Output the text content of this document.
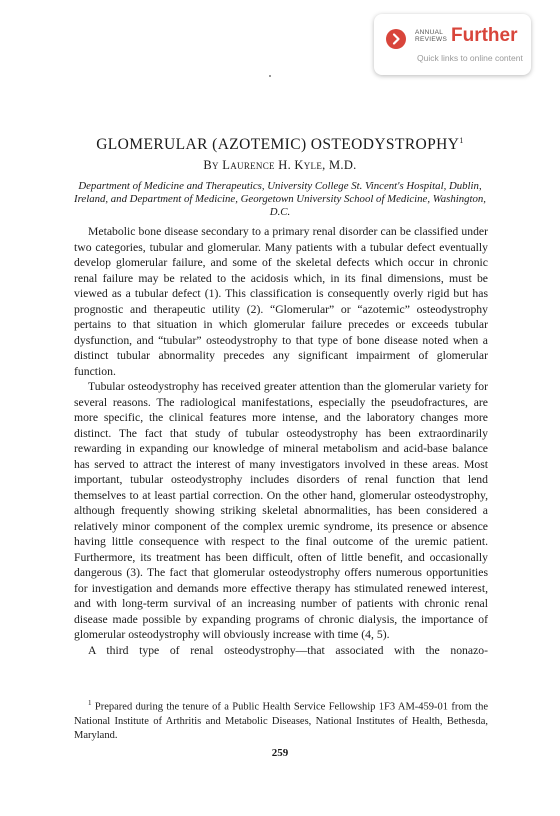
ANNUAL
REVIEWS Further
Quick links to online content
GLOMERULAR (AZOTEMIC) OSTEODYSTROPHY$^1$
By Laurence H. Kyle, M.D.
Department of Medicine and Therapeutics, University College St. Vincent's Hospital, Dublin, Ireland, and Department of Medicine, Georgetown University School of Medicine, Washington, D.C.

Metabolic bone disease secondary to a primary renal disorder can be classified under two categories, tubular and glomerular. Many patients with a tubular defect eventually develop glomerular failure, and some of the skeletal defects which occur in chronic renal failure may be related to the acidosis which, in its final dimensions, must be viewed as a tubular defect (1). This classification is consequently overly rigid but has prognostic and therapeutic utility (2). “Glomerular” or “azotemic” osteodystrophy pertains to that situation in which glomerular failure precedes or exceeds tubular dysfunction, and “tubular” osteodystrophy to that type of bone disease noted when a distinct tubular abnormality precedes any significant impairment of glomerular function.

Tubular osteodystrophy has received greater attention than the glomerular variety for several reasons. The radiological manifestations, especially the pseudofractures, are more specific, the clinical features more intense, and the laboratory changes more distinct. The fact that study of tubular osteodystrophy has been extraordinarily rewarding in expanding our knowledge of mineral metabolism and acid-base balance has served to attract the interest of many investigators involved in these areas. Most important, tubular osteodystrophy includes disorders of renal function that lend themselves to at least partial correction. On the other hand, glomerular osteodystrophy, although frequently showing striking skeletal abnormalities, has been considered a relatively minor component of the complex uremic syndrome, its presence or absence having little consequence with respect to the final outcome of the uremic patient. Furthermore, its treatment has been difficult, often of little benefit, and occasionally dangerous (3). The fact that glomerular osteodystrophy offers numerous opportunities for investigation and demands more effective therapy has stimulated renewed interest, and with long-term survival of an increasing number of patients with chronic renal disease made possible by expanding programs of chronic dialysis, the importance of glomerular osteodystrophy will obviously increase with time (4, 5).

A third type of renal osteodystrophy—that associated with the nonazo-

$^1$ Prepared during the tenure of a Public Health Service Fellowship 1F3 AM-459-01 from the National Institute of Arthritis and Metabolic Diseases, National Institutes of Health, Bethesda, Maryland.
259
